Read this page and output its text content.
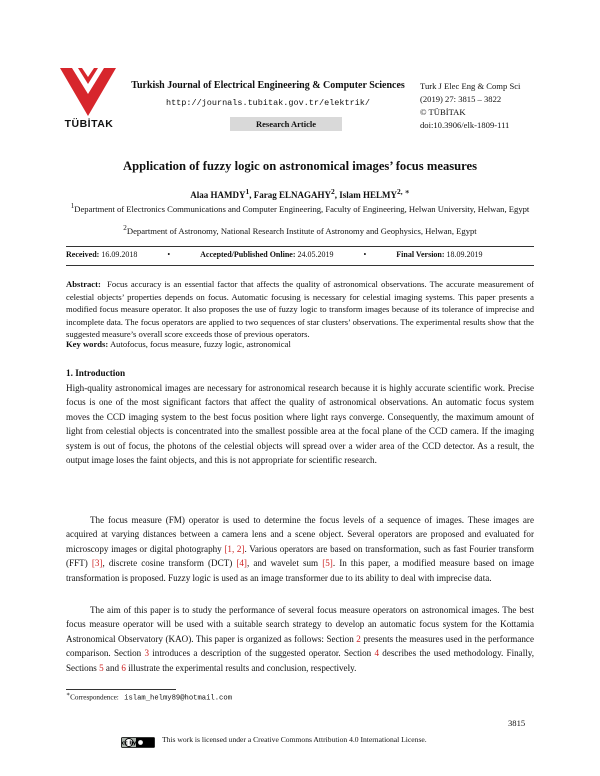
TÜBİTAK
Turkish Journal of Electrical Engineering & Computer Sciences
http://journals.tubitak.gov.tr/elektrik/
Research Article
Turk J Elec Eng & Comp Sci
(2019) 27: 3815 – 3822
© TÜBİTAK
doi:10.3906/elk-1809-111
Application of fuzzy logic on astronomical images’ focus measures
Alaa HAMDY$^1$, Farag ELNAGAHY$^2$, Islam $HELMY^{2, ∗}$
$^1$Department of Electronics Communications and Computer Engineering, Faculty of Engineering, Helwan University, Helwan, Egypt
$^2$Department of Astronomy, National Research Institute of Astronomy and Geophysics, Helwan, Egypt
Received: 16.09.2018	•	Accepted/Published Online: 24.05.2019	•	Final Version: 18.09.2019
Abstract: Focus accuracy is an essential factor that affects the quality of astronomical observations. The accurate measurement of celestial objects’ properties depends on focus. Automatic focusing is necessary for celestial imaging systems. This paper presents a modified focus measure operator. It also proposes the use of fuzzy logic to transform images because of its tolerance of imprecise and incomplete data. The focus operators are applied to two sequences of star clusters’ observations. The experimental results show that the suggested measure’s overall score exceeds those of previous operators.
Key words: Autofocus, focus measure, fuzzy logic, astronomical
1. Introduction

High-quality astronomical images are necessary for astronomical research because it is highly accurate scientific work. Precise focus is one of the most significant factors that affect the quality of astronomical observations. An automatic focus system moves the CCD imaging system to the best focus position where light rays converge. Consequently, the maximum amount of light from celestial objects is concentrated into the smallest possible area at the focal plane of the CCD camera. If the imaging system is out of focus, the photons of the celestial objects will spread over a wider area of the CCD detector. As a result, the output image loses the faint objects, and this is not appropriate for scientific research.

The focus measure (FM) operator is used to determine the focus levels of a sequence of images. These images are acquired at varying distances between a camera lens and a scene object. Several operators are proposed and evaluated for microscopy images or digital photography [1, 2]. Various operators are based on transformation, such as fast Fourier transform (FFT) [3], discrete cosine transform (DCT) [4], and wavelet sum [5]. In this paper, a modified measure based on image transformation is proposed. Fuzzy logic is used as an image transformer due to its ability to deal with imprecise data.

The aim of this paper is to study the performance of several focus measure operators on astronomical images. The best focus measure operator will be used with a suitable search strategy to develop an automatic focus system for the Kottamia Astronomical Observatory (KAO). This paper is organized as follows: Section 2 presents the measures used in the performance comparison. Section 3 introduces a description of the suggested operator. Section 4 describes the used methodology. Finally, Sections 5 and 6 illustrate the experimental results and conclusion, respectively.

∗Correspondence: islam_helmy89@hotmail.com
3815
cc by	This work is licensed under a Creative Commons Attribution 4.0 International License.
